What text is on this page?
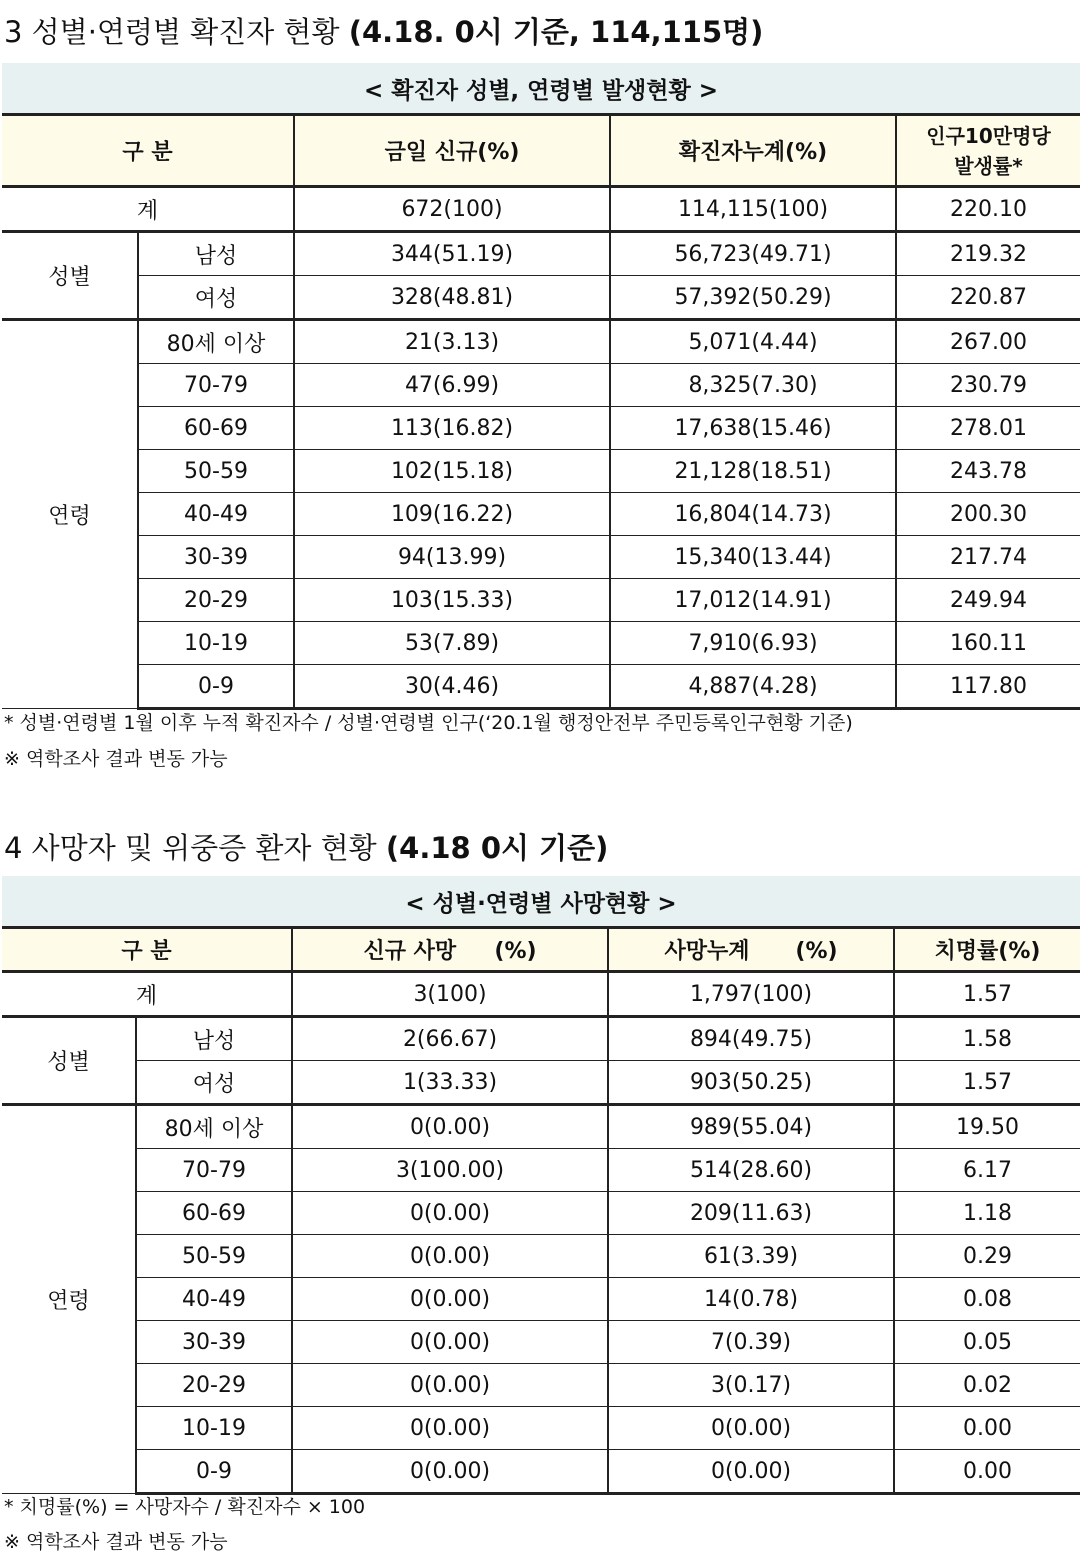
3 성별·연령별 확진자 현황 (4.18. 0시 기준, 114,115명)
< 확진자 성별, 연령별 발생현황 >
구 분		금일 신규(%)	확진자누계(%)	인구10만명당
발생률*
계		672(100)	114,115(100)	220.10
성별	남성	344(51.19)	56,723(49.71)	219.32
	여성	328(48.81)	57,392(50.29)	220.87
연령	80세 이상	21(3.13)	5,071(4.44)	267.00
	70-79	47(6.99)	8,325(7.30)	230.79
	60-69	113(16.82)	17,638(15.46)	278.01
	50-59	102(15.18)	21,128(18.51)	243.78
	40-49	109(16.22)	16,804(14.73)	200.30
	30-39	94(13.99)	15,340(13.44)	217.74
	20-29	103(15.33)	17,012(14.91)	249.94
	10-19	53(7.89)	7,910(6.93)	160.11
	0-9	30(4.46)	4,887(4.28)	117.80
* 성별·연령별 1월 이후 누적 확진자수 / 성별·연령별 인구(‘20.1월 행정안전부 주민등록인구현황 기준)
※ 역학조사 결과 변동 가능
4 사망자 및 위중증 환자 현황 (4.18 0시 기준)
< 성별·연령별 사망현황 >
구 분		신규 사망     (%)	사망누계      (%)	치명률(%)
계		3(100)	1,797(100)	1.57
성별	남성	2(66.67)	894(49.75)	1.58
	여성	1(33.33)	903(50.25)	1.57
연령	80세 이상	0(0.00)	989(55.04)	19.50
	70-79	3(100.00)	514(28.60)	6.17
	60-69	0(0.00)	209(11.63)	1.18
	50-59	0(0.00)	61(3.39)	0.29
	40-49	0(0.00)	14(0.78)	0.08
	30-39	0(0.00)	7(0.39)	0.05
	20-29	0(0.00)	3(0.17)	0.02
	10-19	0(0.00)	0(0.00)	0.00
	0-9	0(0.00)	0(0.00)	0.00
* 치명률(%) = 사망자수 / 확진자수 × 100
※ 역학조사 결과 변동 가능
